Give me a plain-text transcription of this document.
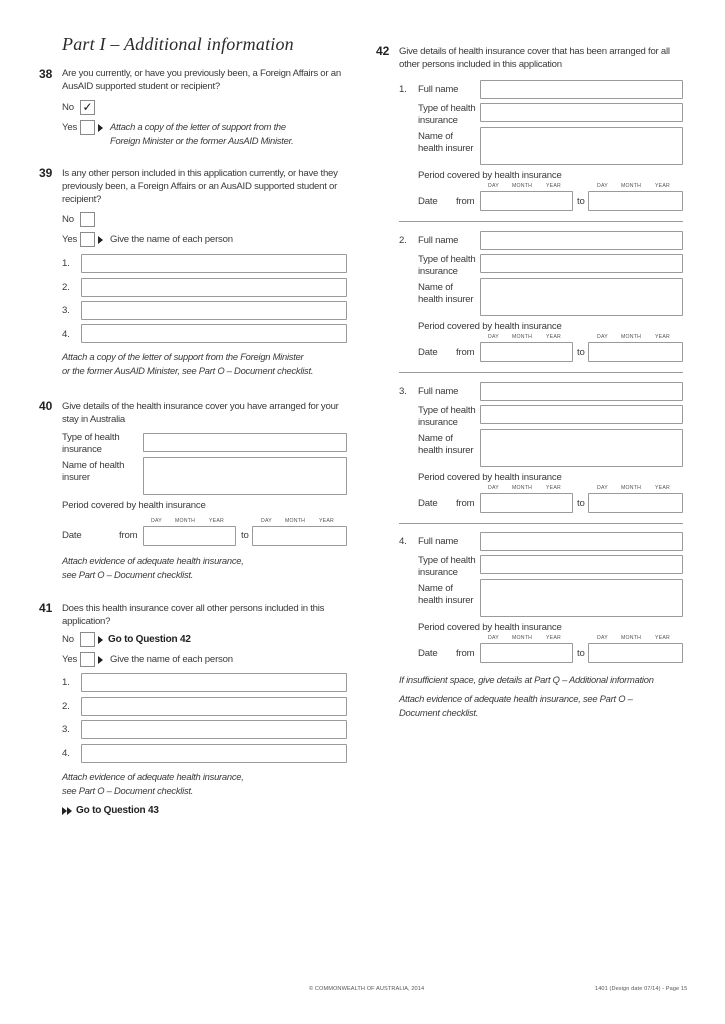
Part I – Additional information
38 Are you currently, or have you previously been, a Foreign Affairs or an
AusAID supported student or recipient?
No ✓
Yes	Attach a copy of the letter of support from the
Foreign Minister or the former AusAID Minister.
39 Is any other person included in this application currently, or have they
previously been, a Foreign Affairs or an AusAID supported student or
recipient?
No
Yes	Give the name of each person
1.
2.
3.
4.
Attach a copy of the letter of support from the Foreign Minister
or the former AusAID Minister, see Part O – Document checklist.
40 Give details of the health insurance cover you have arranged for your
stay in Australia
Type of health
insurance
Name of health
insurer
Period covered by health insurance
DAY	MONTH	YEAR	DAY	MONTH	YEAR
Date	from	to
Attach evidence of adequate health insurance,
see Part O – Document checklist.
41 Does this health insurance cover all other persons included in this
application?
No	Go to Question 42
Yes	Give the name of each person
1.
2.
3.
4.
Attach evidence of adequate health insurance,
see Part O – Document checklist.
Go to Question 43
42 Give details of health insurance cover that has been arranged for all
other persons included in this application
1. Full name
Type of health
insurance
Name of
health insurer
Period covered by health insurance
DAY	MONTH	YEAR	DAY	MONTH	YEAR
Date from	to
2. Full name
Type of health
insurance
Name of
health insurer
Period covered by health insurance
DAY	MONTH	YEAR	DAY	MONTH	YEAR
Date from	to
3. Full name
Type of health
insurance
Name of
health insurer
Period covered by health insurance
DAY	MONTH	YEAR	DAY	MONTH	YEAR
Date from	to
4. Full name
Type of health
insurance
Name of
health insurer
Period covered by health insurance
DAY	MONTH	YEAR	DAY	MONTH	YEAR
Date from	to
If insufficient space, give details at Part Q – Additional information
Attach evidence of adequate health insurance, see Part O –
Document checklist.
© COMMONWEALTH OF AUSTRALIA, 2014	1401 (Design date 07/14) - Page 15
